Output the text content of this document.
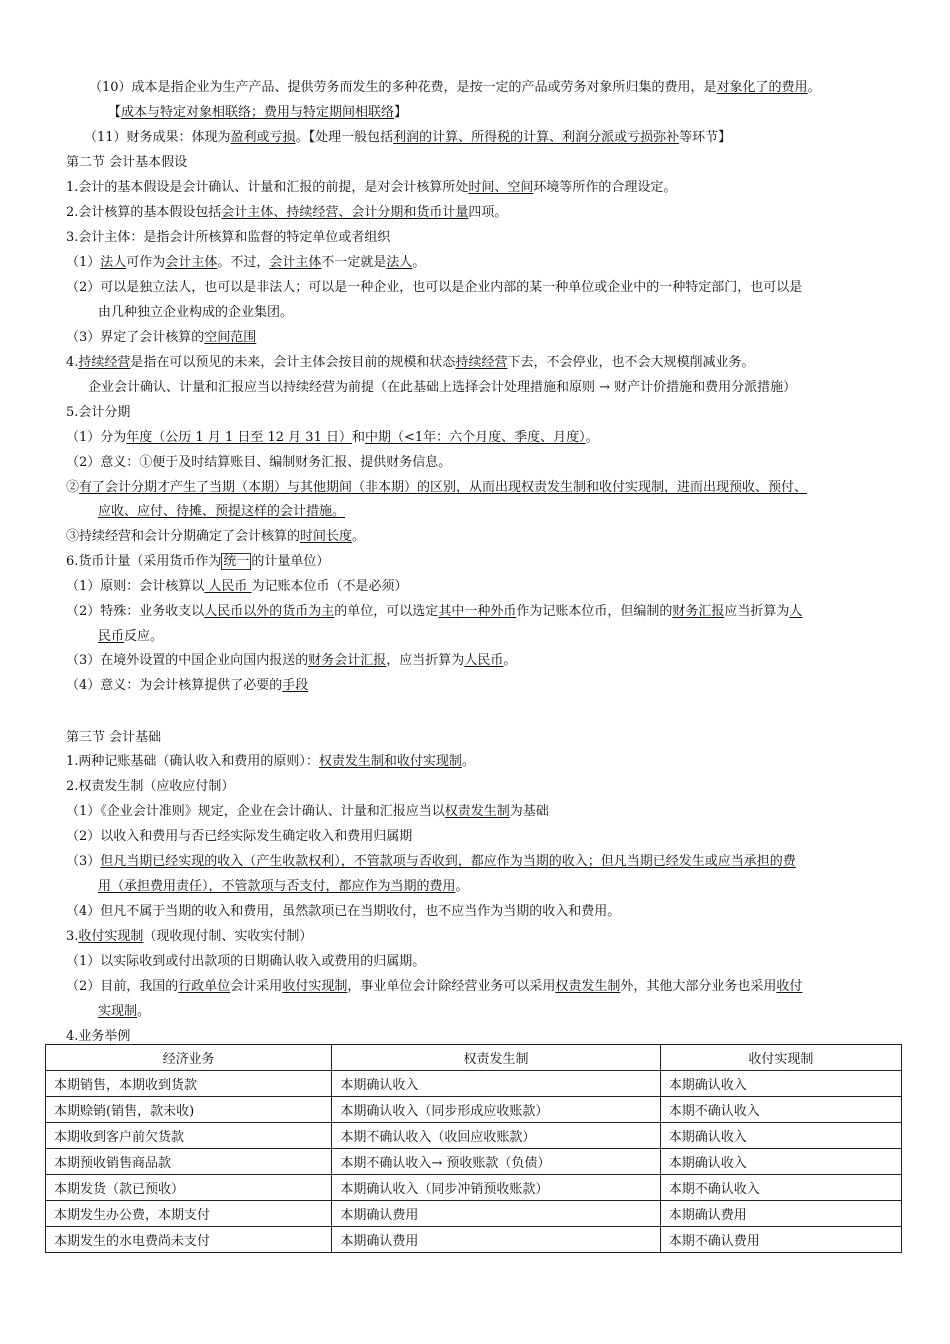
（10）成本是指企业为生产产品、提供劳务而发生的多种花费，是按一定的产品或劳务对象所归集的费用，是对象化了的费用。
【成本与特定对象相联络；费用与特定期间相联络】
（11）财务成果：体现为盈利或亏损。【处理一般包括利润的计算、所得税的计算、利润分派或亏损弥补等环节】
第二节 会计基本假设
1.会计的基本假设是会计确认、计量和汇报的前提，是对会计核算所处时间、空间环境等所作的合理设定。
2.会计核算的基本假设包括会计主体、持续经营、会计分期和货币计量四项。
3.会计主体：是指会计所核算和监督的特定单位或者组织
（1）法人可作为会计主体。不过，会计主体不一定就是法人。
（2）可以是独立法人，也可以是非法人；可以是一种企业，也可以是企业内部的某一种单位或企业中的一种特定部门，也可以是
由几种独立企业构成的企业集团。
（3）界定了会计核算的空间范围
4.持续经营是指在可以预见的未来，会计主体会按目前的规模和状态持续经营下去，不会停业，也不会大规模削减业务。
企业会计确认、计量和汇报应当以持续经营为前提（在此基础上选择会计处理措施和原则 → 财产计价措施和费用分派措施）
5.会计分期
（1）分为年度（公历 1 月 1 日至 12 月 31 日）和中期（<1年：六个月度、季度、月度）。
（2）意义：①便于及时结算账目、编制财务汇报、提供财务信息。
②有了会计分期才产生了当期（本期）与其他期间（非本期）的区别，从而出现权责发生制和收付实现制，进而出现预收、预付、
应收、应付、待摊、预提这样的会计措施。
③持续经营和会计分期确定了会计核算的时间长度。
6.货币计量（采用货币作为 统一 的计量单位）
（1）原则：会计核算以 人民币 为记账本位币（不是必须）
（2）特殊：业务收支以人民币以外的货币为主的单位，可以选定其中一种外币作为记账本位币，但编制的财务汇报应当折算为人
民币反应。
（3）在境外设置的中国企业向国内报送的财务会计汇报，应当折算为人民币。
（4）意义：为会计核算提供了必要的手段
第三节 会计基础
1.两种记账基础（确认收入和费用的原则）：权责发生制和收付实现制。
2.权责发生制（应收应付制）
（1）《企业会计准则》规定，企业在会计确认、计量和汇报应当以权责发生制为基础
（2）以收入和费用与否已经实际发生确定收入和费用归属期
（3）但凡当期已经实现的收入（产生收款权利），不管款项与否收到，都应作为当期的收入；但凡当期已经发生或应当承担的费
用（承担费用责任），不管款项与否支付，都应作为当期的费用。
（4）但凡不属于当期的收入和费用，虽然款项已在当期收付，也不应当作为当期的收入和费用。
3.收付实现制（现收现付制、实收实付制）
（1）以实际收到或付出款项的日期确认收入或费用的归属期。
（2）目前，我国的行政单位会计采用收付实现制，事业单位会计除经营业务可以采用权责发生制外，其他大部分业务也采用收付
实现制。
4.业务举例
经济业务	权责发生制	收付实现制
本期销售，本期收到货款	本期确认收入	本期确认收入
本期赊销(销售，款未收)	本期确认收入（同步形成应收账款）	本期不确认收入
本期收到客户前欠货款	本期不确认收入（收回应收账款）	本期确认收入
本期预收销售商品款	本期不确认收入→ 预收账款（负债）	本期确认收入
本期发货（款已预收）	本期确认收入（同步冲销预收账款）	本期不确认收入
本期发生办公费，本期支付	本期确认费用	本期确认费用
本期发生的水电费尚未支付	本期确认费用	本期不确认费用
